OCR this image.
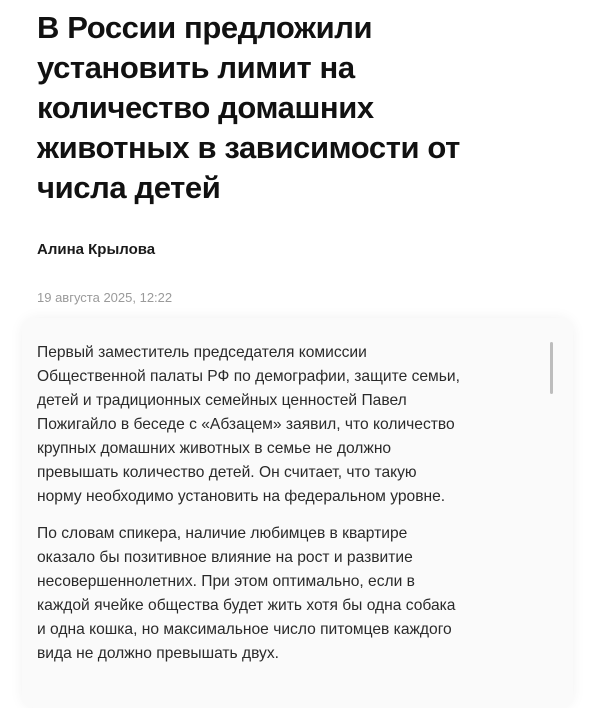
В России предложили
установить лимит на
количество домашних
животных в зависимости от
числа детей
Алина Крылова
19 августа 2025, 12:22

Первый заместитель председателя комиссии
Общественной палаты РФ по демографии, защите семьи,
детей и традиционных семейных ценностей Павел
Пожигайло в беседе с «Абзацем» заявил, что количество
крупных домашних животных в семье не должно
превышать количество детей. Он считает, что такую
норму необходимо установить на федеральном уровне.

По словам спикера, наличие любимцев в квартире
оказало бы позитивное влияние на рост и развитие
несовершеннолетних. При этом оптимально, если в
каждой ячейке общества будет жить хотя бы одна собака
и одна кошка, но максимальное число питомцев каждого
вида не должно превышать двух.
